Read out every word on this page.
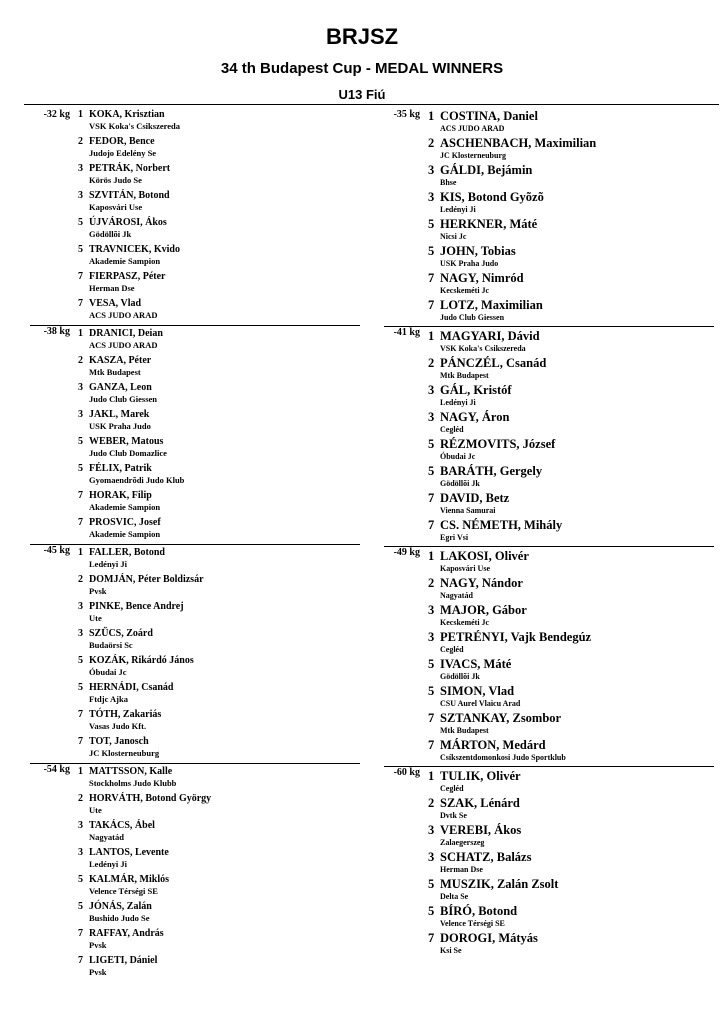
BRJSZ
34 th Budapest Cup - MEDAL WINNERS
U13 Fiú
-32 kg 1 KOKA, Krisztian
VSK Koka's Csikszereda
2 FEDOR, Bence
Judojo Edelény Se
3 PETRÁK, Norbert
Körös Judo Se
3 SZVITÁN, Botond
Kaposvári Use
5 ÚJVÁROSI, Ákos
Gödöllõi Jk
5 TRAVNICEK, Kvido
Akademie Sampion
7 FIERPASZ, Péter
Herman Dse
7 VESA, Vlad
ACS JUDO ARAD
-38 kg 1 DRANICI, Deian
ACS JUDO ARAD
2 KASZA, Péter
Mtk Budapest
3 GANZA, Leon
Judo Club Giessen
3 JAKL, Marek
USK Praha Judo
5 WEBER, Matous
Judo Club Domazlice
5 FÉLIX, Patrik
Gyomaendrõdi Judo Klub
7 HORAK, Filip
Akademie Sampion
7 PROSVIC, Josef
Akademie Sampion
-45 kg 1 FALLER, Botond
Ledényi Ji
2 DOMJÁN, Péter Boldizsár
Pvsk
3 PINKE, Bence Andrej
Ute
3 SZŰCS, Zoárd
Budaörsi Sc
5 KOZÁK, Rikárdó János
Óbudai Jc
5 HERNÁDI, Csanád
Ftdjc Ajka
7 TÓTH, Zakariás
Vasas Judo Kft.
7 TOT, Janosch
JC Klosterneuburg
-54 kg 1 MATTSSON, Kalle
Stockholms Judo Klubb
2 HORVÁTH, Botond György
Ute
3 TAKÁCS, Ábel
Nagyatád
3 LANTOS, Levente
Ledényi Ji
5 KALMÁR, Miklós
Velence Térségi SE
5 JÓNÁS, Zalán
Bushido Judo Se
7 RAFFAY, András
Pvsk
7 LIGETI, Dániel
Pvsk
-35 kg 1 COSTINA, Daniel
ACS JUDO ARAD
2 ASCHENBACH, Maximilian
JC Klosterneuburg
3 GÁLDI, Bejámin
Bhse
3 KIS, Botond Gyõzõ
Ledényi Ji
5 HERKNER, Máté
Nicsi Jc
5 JOHN, Tobias
USK Praha Judo
7 NAGY, Nimród
Kecskeméti Jc
7 LOTZ, Maximilian
Judo Club Giessen
-41 kg 1 MAGYARI, Dávid
VSK Koka's Csikszereda
2 PÁNCZÉL, Csanád
Mtk Budapest
3 GÁL, Kristóf
Ledényi Ji
3 NAGY, Áron
Cegléd
5 RÉZMOVITS, József
Óbudai Jc
5 BARÁTH, Gergely
Gödöllõi Jk
7 DAVID, Betz
Vienna Samurai
7 CS. NÉMETH, Mihály
Egri Vsi
-49 kg 1 LAKOSI, Olivér
Kaposvári Use
2 NAGY, Nándor
Nagyatád
3 MAJOR, Gábor
Kecskeméti Jc
3 PETRÉNYI, Vajk Bendegúz
Cegléd
5 IVACS, Máté
Gödöllõi Jk
5 SIMON, Vlad
CSU Aurel Vlaicu Arad
7 SZTANKAY, Zsombor
Mtk Budapest
7 MÁRTON, Medárd
Csíkszentdomonkosi Judo Sportklub
-60 kg 1 TULIK, Olivér
Cegléd
2 SZAK, Lénárd
Dvtk Se
3 VEREBI, Ákos
Zalaegerszeg
3 SCHATZ, Balázs
Herman Dse
5 MUSZIK, Zalán Zsolt
Delta Se
5 BÍRÓ, Botond
Velence Térségi SE
7 DOROGI, Mátyás
Ksi Se
